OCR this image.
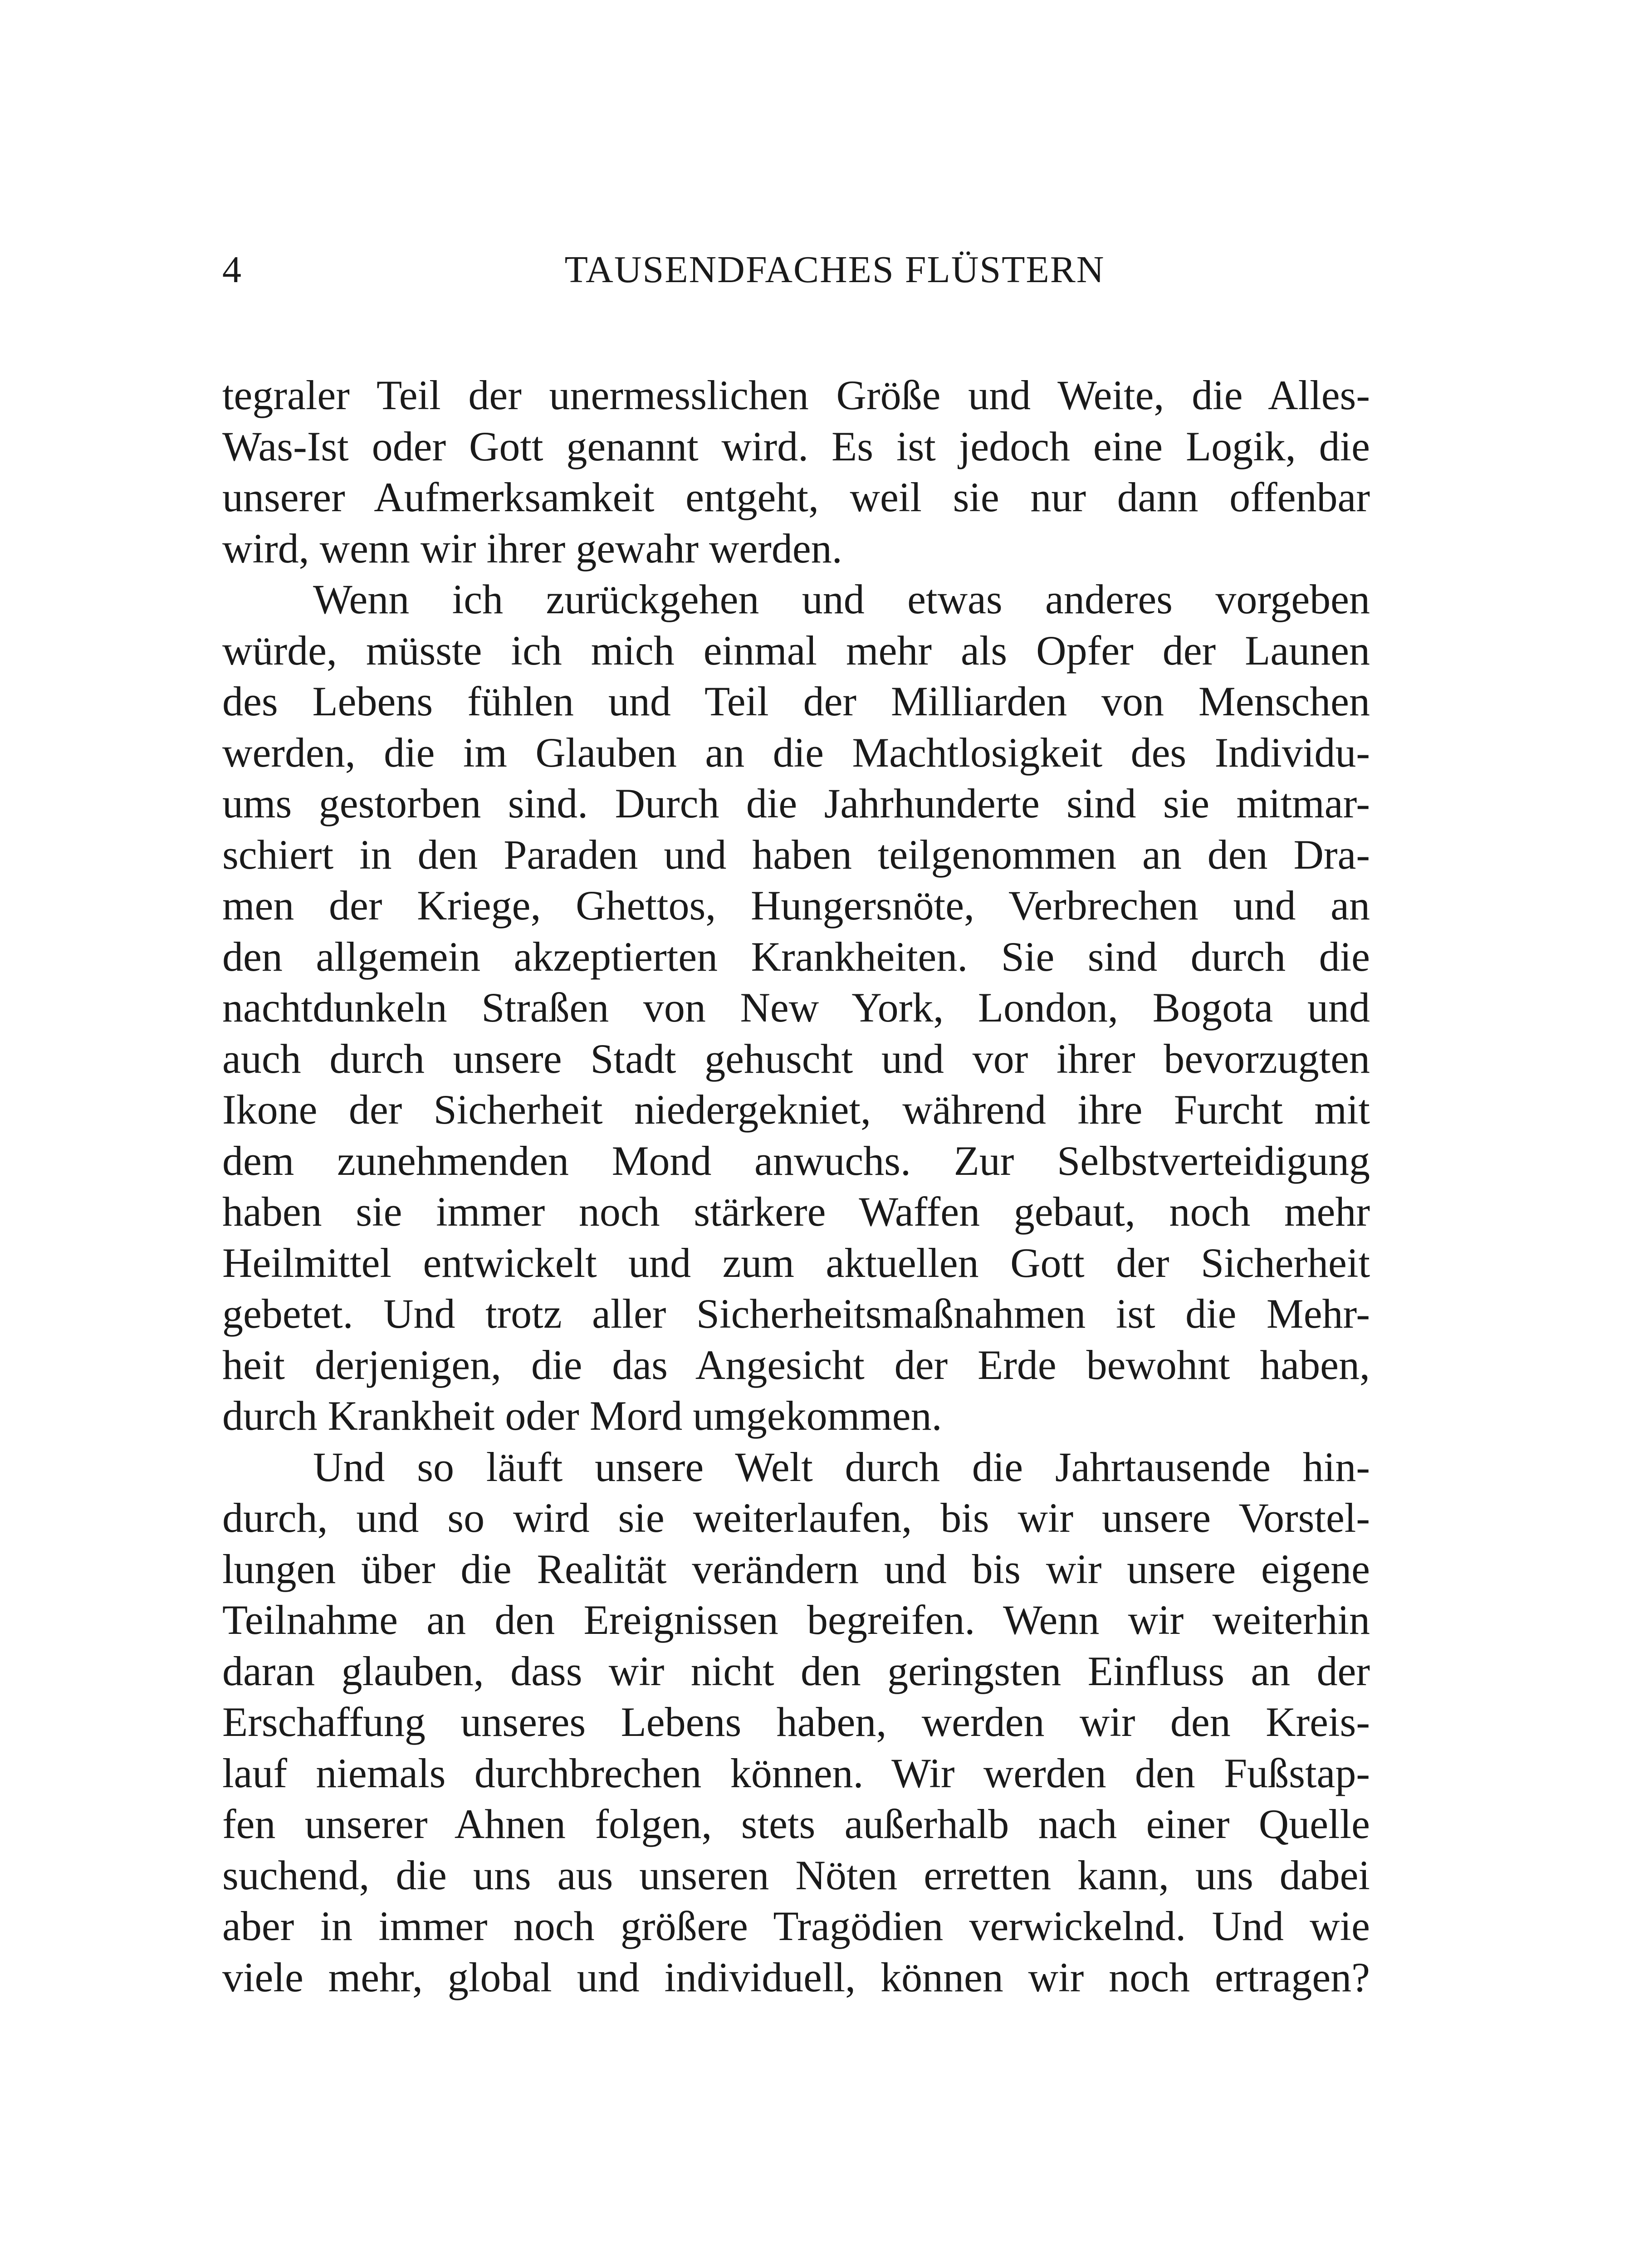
4	TAUSENDFACHES FLÜSTERN
tegraler Teil der unermesslichen Größe und Weite, die Alles-
Was-Ist oder Gott genannt wird. Es ist jedoch eine Logik, die
unserer Aufmerksamkeit entgeht, weil sie nur dann offenbar
wird, wenn wir ihrer gewahr werden.
Wenn ich zurückgehen und etwas anderes vorgeben
würde, müsste ich mich einmal mehr als Opfer der Launen
des Lebens fühlen und Teil der Milliarden von Menschen
werden, die im Glauben an die Machtlosigkeit des Individu-
ums gestorben sind. Durch die Jahrhunderte sind sie mitmar-
schiert in den Paraden und haben teilgenommen an den Dra-
men der Kriege, Ghettos, Hungersnöte, Verbrechen und an
den allgemein akzeptierten Krankheiten. Sie sind durch die
nachtdunkeln Straßen von New York, London, Bogota und
auch durch unsere Stadt gehuscht und vor ihrer bevorzugten
Ikone der Sicherheit niedergekniet, während ihre Furcht mit
dem zunehmenden Mond anwuchs. Zur Selbstverteidigung
haben sie immer noch stärkere Waffen gebaut, noch mehr
Heilmittel entwickelt und zum aktuellen Gott der Sicherheit
gebetet. Und trotz aller Sicherheitsmaßnahmen ist die Mehr-
heit derjenigen, die das Angesicht der Erde bewohnt haben,
durch Krankheit oder Mord umgekommen.
Und so läuft unsere Welt durch die Jahrtausende hin-
durch, und so wird sie weiterlaufen, bis wir unsere Vorstel-
lungen über die Realität verändern und bis wir unsere eigene
Teilnahme an den Ereignissen begreifen. Wenn wir weiterhin
daran glauben, dass wir nicht den geringsten Einfluss an der
Erschaffung unseres Lebens haben, werden wir den Kreis-
lauf niemals durchbrechen können. Wir werden den Fußstap-
fen unserer Ahnen folgen, stets außerhalb nach einer Quelle
suchend, die uns aus unseren Nöten erretten kann, uns dabei
aber in immer noch größere Tragödien verwickelnd. Und wie
viele mehr, global und individuell, können wir noch ertragen?
